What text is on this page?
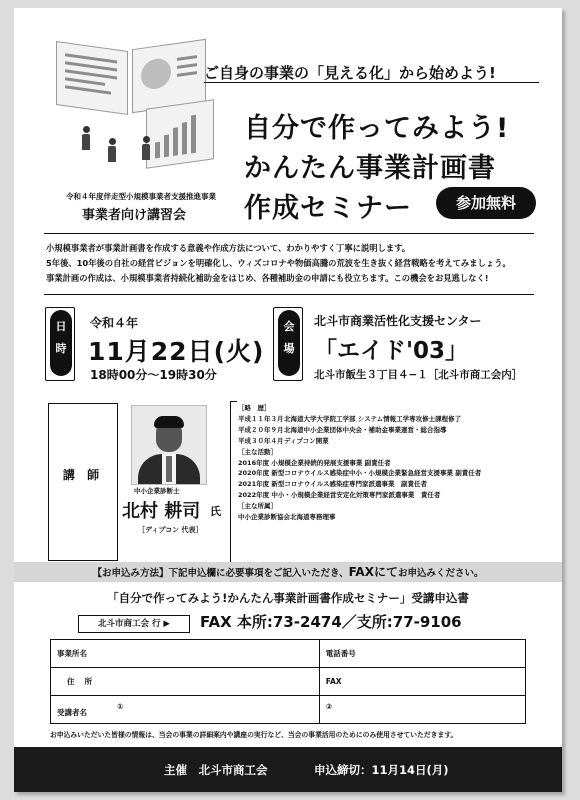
ご自身の事業の「見える化」から始めよう!
自分で作ってみよう!
かんたん事業計画書
作成セミナー	参加無料
令和４年度伴走型小規模事業者支援推進事業
事業者向け講習会
小規模事業者が事業計画書を作成する意義や作成方法について、わかりやすく丁寧に説明します。
5年後、10年後の自社の経営ビジョンを明確化し、ウィズコロナや物価高騰の荒波を生き抜く経営戦略を考えてみましょう。
事業計画の作成は、小規模事業者持続化補助金をはじめ、各種補助金の申請にも役立ちます。この機会をお見逃しなく!
日
時
令和４年
11月22日(火)
18時00分～19時30分
会
場
北斗市商業活性化支援センター
「エイド'03」
北斗市飯生３丁目４−１［北斗市商工会内］
講 師
中小企業診断士
北村 耕司 氏
［ディプコン 代表］
［略　歴］
平成１１年３月北海道大学大学院工学部 システム情報工学専攻修士課程修了
平成２０年９月北海道中小企業団体中央会・補助金事業運営・総合指導
平成３０年４月ディプコン開業
［主な活動］
2016年度 小規模企業持続的発展支援事業 副責任者
2020年度 新型コロナウイルス感染症中小・小規模企業緊急経営支援事業 副責任者
2021年度 新型コロナウイルス感染症専門家派遣事業　副責任者
2022年度 中小・小規模企業経営安定化対策専門家派遣事業　責任者
［主な所属］
中小企業診断協会北海道専務理事
【お申込み方法】下記申込欄に必要事項をご記入いただき、FAXにてお申込みください。
「自分で作ってみよう!かんたん事業計画書作成セミナー」受講申込書
北斗市商工会 行 ▶	FAX 本所:73-2474／支所:77-9106
事業所名	電話番号
住　 所	FAX
受講者名　　　　①	②
お申込みいただいた皆様の情報は、当会の事業の詳細案内や講座の実行など、当会の事業活用のためにのみ使用させていただきます。
主催　北斗市商工会	申込締切：11月14日(月)
